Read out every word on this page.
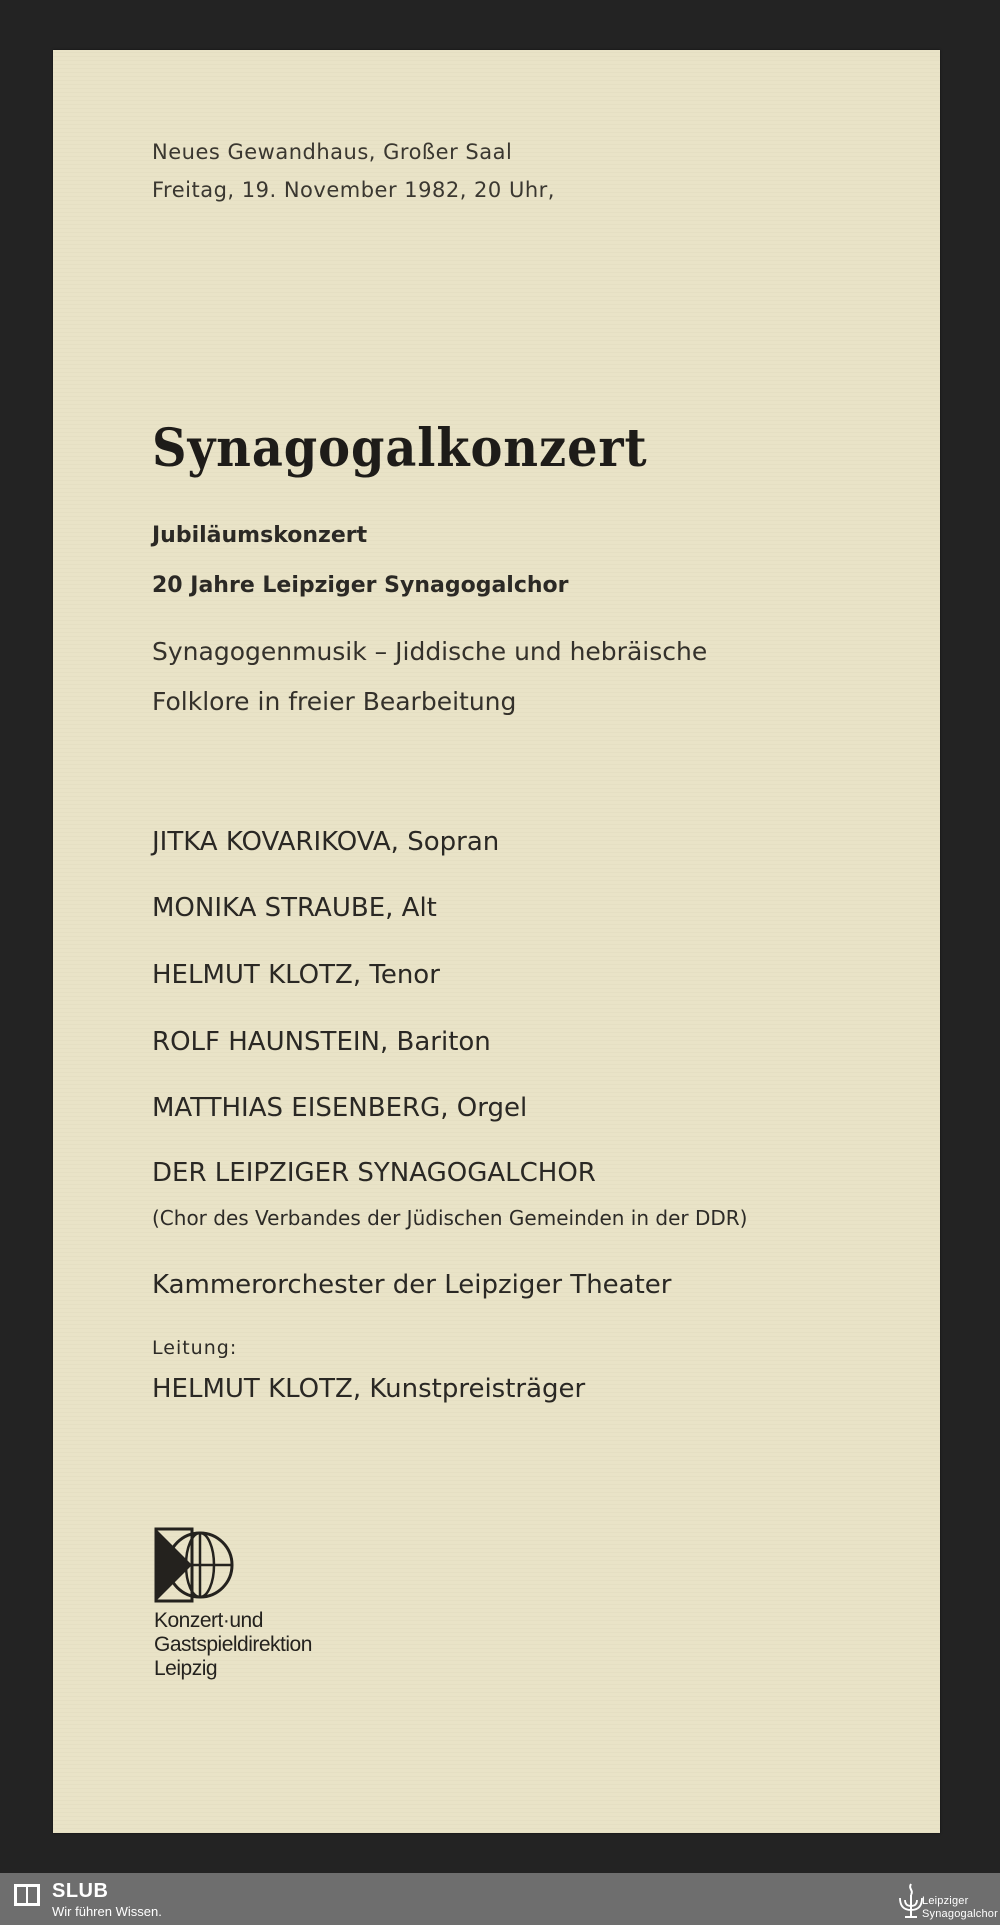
Neues Gewandhaus, Großer Saal
Freitag, 19. November 1982, 20 Uhr,
Synagogalkonzert
Jubiläumskonzert
20 Jahre Leipziger Synagogalchor
Synagogenmusik – Jiddische und hebräische
Folklore in freier Bearbeitung
JITKA KOVARIKOVA, Sopran
MONIKA STRAUBE, Alt
HELMUT KLOTZ, Tenor
ROLF HAUNSTEIN, Bariton
MATTHIAS EISENBERG, Orgel
DER LEIPZIGER SYNAGOGALCHOR
(Chor des Verbandes der Jüdischen Gemeinden in der DDR)
Kammerorchester der Leipziger Theater
Leitung:
HELMUT KLOTZ, Kunstpreisträger
Konzert·und
Gastspieldirektion
Leipzig
SLUB
Wir führen Wissen.
Leipziger
Synagogalchor
